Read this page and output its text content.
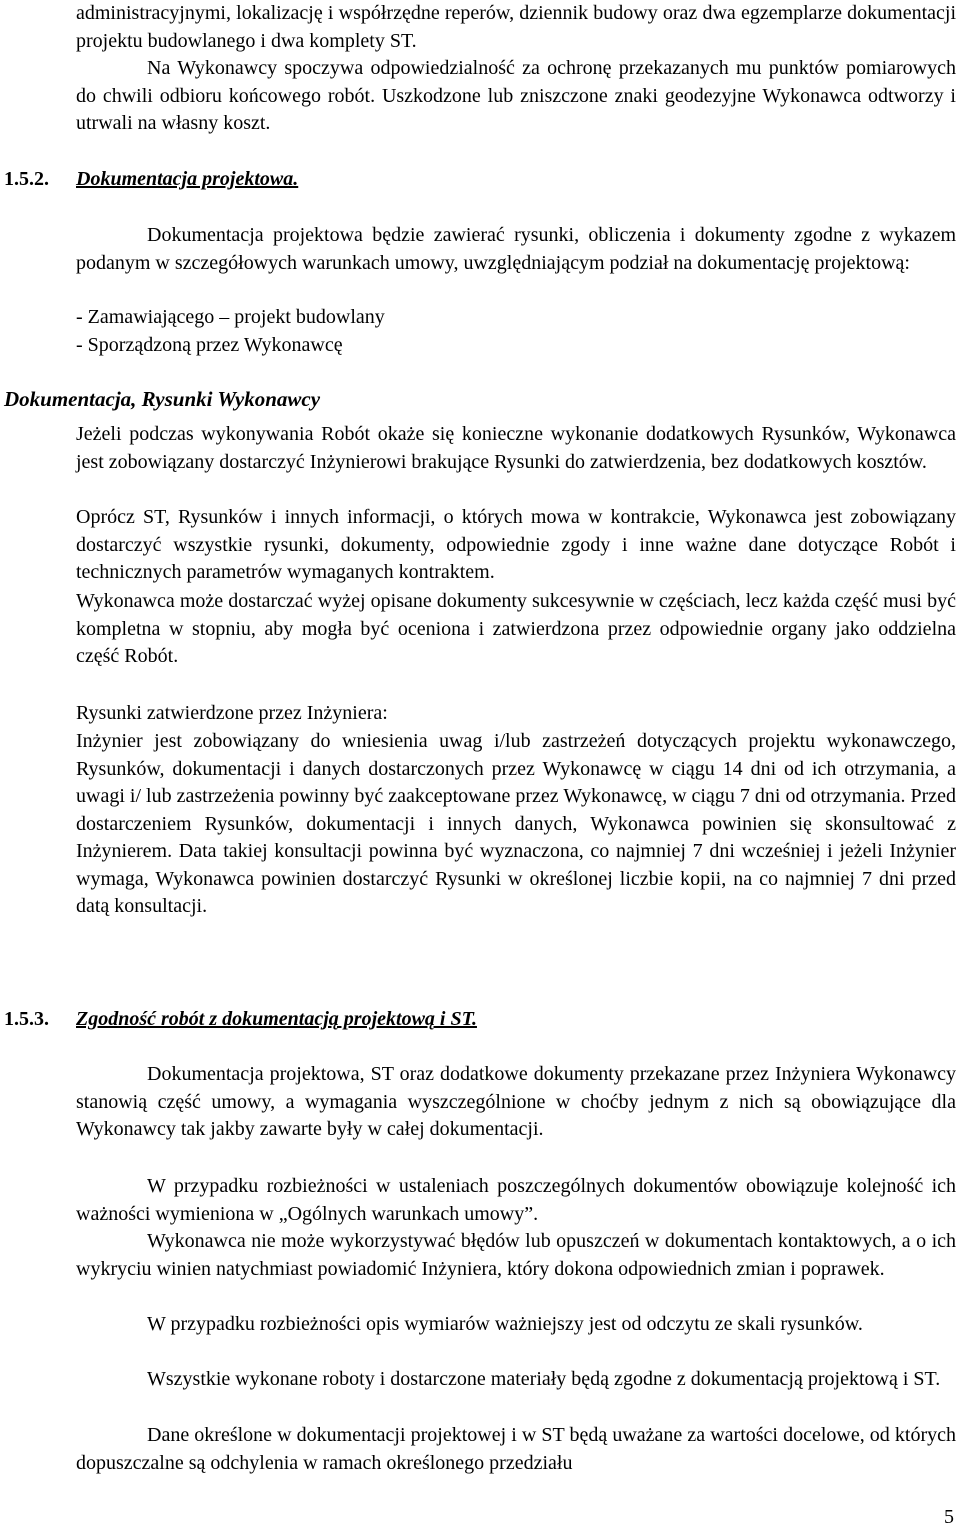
administracyjnymi, lokalizację i współrzędne reperów, dziennik budowy oraz dwa egzemplarze dokumentacji projektu budowlanego i dwa komplety ST.

Na Wykonawcy spoczywa odpowiedzialność za ochronę przekazanych mu punktów pomiarowych do chwili odbioru końcowego robót. Uszkodzone lub zniszczone znaki geodezyjne Wykonawca odtworzy i utrwali na własny koszt.

1.5.2. Dokumentacja projektowa.

Dokumentacja projektowa będzie zawierać rysunki, obliczenia i dokumenty zgodne z wykazem podanym w szczegółowych warunkach umowy, uwzględniającym podział na dokumentację projektową:

- Zamawiającego – projekt budowlany

- Sporządzoną przez Wykonawcę

Dokumentacja, Rysunki Wykonawcy

Jeżeli podczas wykonywania Robót okaże się konieczne wykonanie dodatkowych Rysunków, Wykonawca jest zobowiązany dostarczyć Inżynierowi brakujące Rysunki do zatwierdzenia, bez dodatkowych kosztów.

Oprócz ST, Rysunków i innych informacji, o których mowa w kontrakcie, Wykonawca jest zobowiązany dostarczyć wszystkie rysunki, dokumenty, odpowiednie zgody i inne ważne dane dotyczące Robót i technicznych parametrów wymaganych kontraktem.

Wykonawca może dostarczać wyżej opisane dokumenty sukcesywnie w częściach, lecz każda część musi być kompletna w stopniu, aby mogła być oceniona i zatwierdzona przez odpowiednie organy jako oddzielna część Robót.

Rysunki zatwierdzone przez Inżyniera:

Inżynier jest zobowiązany do wniesienia uwag i/lub zastrzeżeń dotyczących projektu wykonawczego, Rysunków, dokumentacji i danych dostarczonych przez Wykonawcę w ciągu 14 dni od ich otrzymania, a uwagi i/ lub zastrzeżenia powinny być zaakceptowane przez Wykonawcę, w ciągu 7 dni od otrzymania. Przed dostarczeniem Rysunków, dokumentacji i innych danych, Wykonawca powinien się skonsultować z Inżynierem. Data takiej konsultacji powinna być wyznaczona, co najmniej 7 dni wcześniej i jeżeli Inżynier wymaga, Wykonawca powinien dostarczyć Rysunki w określonej liczbie kopii, na co najmniej 7 dni przed datą konsultacji.

1.5.3. Zgodność robót z dokumentacją projektową i ST.

Dokumentacja projektowa, ST oraz dodatkowe dokumenty przekazane przez Inżyniera Wykonawcy stanowią część umowy, a wymagania wyszczególnione w choćby jednym z nich są obowiązujące dla Wykonawcy tak jakby zawarte były w całej dokumentacji.

W przypadku rozbieżności w ustaleniach poszczególnych dokumentów obowiązuje kolejność ich ważności wymieniona w „Ogólnych warunkach umowy”.

Wykonawca nie może wykorzystywać błędów lub opuszczeń w dokumentach kontaktowych, a o ich wykryciu winien natychmiast powiadomić Inżyniera, który dokona odpowiednich zmian i poprawek.

W przypadku rozbieżności opis wymiarów ważniejszy jest od odczytu ze skali rysunków.

Wszystkie wykonane roboty i dostarczone materiały będą zgodne z dokumentacją projektową i ST.

Dane określone w dokumentacji projektowej i w ST będą uważane za wartości docelowe, od których dopuszczalne są odchylenia w ramach określonego przedziału

5
